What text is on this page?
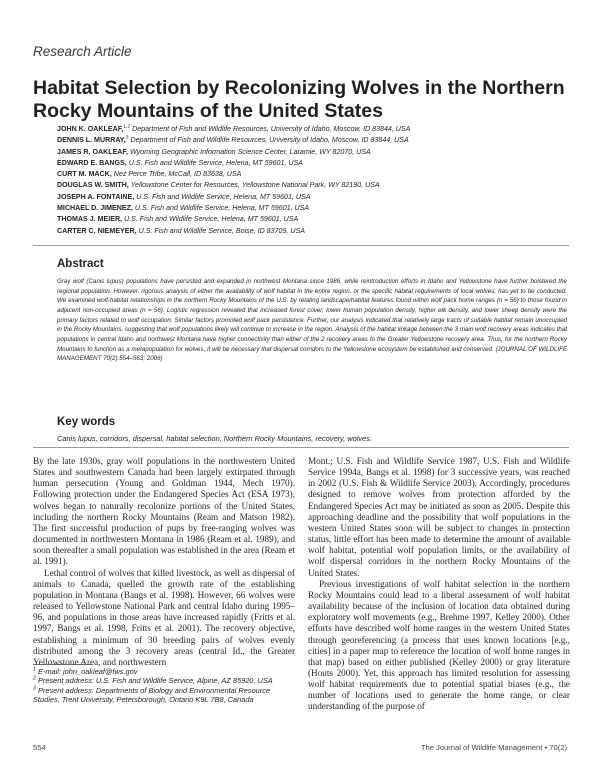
Research Article
Habitat Selection by Recolonizing Wolves in the Northern Rocky Mountains of the United States
JOHN K. OAKLEAF,$^{1,2}$ Department of Fish and Wildlife Resources, University of Idaho, Moscow, ID 83844, USA
DENNIS L. MURRAY,$^3$ Department of Fish and Wildlife Resources, University of Idaho, Moscow, ID 83844, USA
JAMES R. OAKLEAF, Wyoming Geographic Information Science Center, Laramie, WY 82070, USA
EDWARD E. BANGS, U.S. Fish and Wildlife Service, Helena, MT 59601, USA
CURT M. MACK, Nez Perce Tribe, McCall, ID 83638, USA
DOUGLAS W. SMITH, Yellowstone Center for Resources, Yellowstone National Park, WY 82190, USA
JOSEPH A. FONTAINE, U.S. Fish and Wildlife Service, Helena, MT 59601, USA
MICHAEL D. JIMENEZ, U.S. Fish and Wildlife Service, Helena, MT 59601, USA
THOMAS J. MEIER, U.S. Fish and Wildlife Service, Helena, MT 59601, USA
CARTER C. NIEMEYER, U.S. Fish and Wildlife Service, Boise, ID 83709, USA
Abstract
Gray wolf (Canis lupus) populations have persisted and expanded in northwest Montana since 1986, while reintroduction efforts in Idaho and Yellowstone have further bolstered the regional population. However, rigorous analysis of either the availability of wolf habitat in the entire region, or the specific habitat requirements of local wolves, has yet to be conducted. We examined wolf-habitat relationships in the northern Rocky Mountains of the U.S. by relating landscape/habitat features found within wolf pack home ranges (n = 56) to those found in adjacent non-occupied areas (n = 56). Logistic regression revealed that increased forest cover, lower human population density, higher elk density, and lower sheep density were the primary factors related to wolf occupation. Similar factors promoted wolf pack persistence. Further, our analysis indicated that relatively large tracts of suitable habitat remain unoccupied in the Rocky Mountains, suggesting that wolf populations likely will continue to increase in the region. Analysis of the habitat linkage between the 3 main wolf recovery areas indicates that populations in central Idaho and northwest Montana have higher connectivity than either of the 2 recovery areas to the Greater Yellowstone recovery area. Thus, for the northern Rocky Mountains to function as a metapopulation for wolves, it will be necessary that dispersal corridors to the Yellowstone ecosystem be established and conserved. (JOURNAL OF WILDLIFE MANAGEMENT 70(2):554–563; 2006)
Key words
Canis lupus, corridors, dispersal, habitat selection, Northern Rocky Mountains, recovery, wolves.

By the late 1930s, gray wolf populations in the northwestern United States and southwestern Canada had been largely extirpated through human persecution (Young and Goldman 1944, Mech 1970). Following protection under the Endangered Species Act (ESA 1973), wolves began to naturally recolonize portions of the United States, including the northern Rocky Mountains (Ream and Matson 1982). The first successful production of pups by free-ranging wolves was documented in northwestern Montana in 1986 (Ream et al. 1989), and soon thereafter a small population was established in the area (Ream et al. 1991).

Lethal control of wolves that killed livestock, as well as dispersal of animals to Canada, quelled the growth rate of the establishing population in Montana (Bangs et al. 1998). However, 66 wolves were released to Yellowstone National Park and central Idaho during 1995–96, and populations in those areas have increased rapidly (Fritts et al. 1997, Bangs et al. 1998, Fritts et al. 2001). The recovery objective, establishing a minimum of 30 breeding pairs of wolves evenly distributed among the 3 recovery areas (central Id., the Greater Yellowstone Area, and northwestern

Mont.; U.S. Fish and Wildlife Service 1987, U.S. Fish and Wildlife Service 1994a, Bangs et al. 1998) for 3 successive years, was reached in 2002 (U.S. Fish & Wildlife Service 2003). Accordingly, procedures designed to remove wolves from protection afforded by the Endangered Species Act may be initiated as soon as 2005. Despite this approaching deadline and the possibility that wolf populations in the western United States soon will be subject to changes in protection status, little effort has been made to determine the amount of available wolf habitat, potential wolf population limits, or the availability of wolf dispersal corridors in the northern Rocky Mountains of the United States.

Previous investigations of wolf habitat selection in the northern Rocky Mountains could lead to a liberal assessment of wolf habitat availability because of the inclusion of location data obtained during exploratory wolf movements (e.g., Brehme 1997, Kelley 2000). Other efforts have described wolf home ranges in the western United States through georeferencing (a process that uses known locations [e.g., cities] in a paper map to reference the location of wolf home ranges in that map) based on either published (Kelley 2000) or gray literature (Houts 2000). Yet, this approach has limited resolution for assessing wolf habitat requirements due to potential spatial biases (e.g., the number of locations used to generate the home range, or clear understanding of the purpose of

$^1$ E-mail: john_oakleaf@fws.gov
$^2$ Present address: U.S. Fish and Wildlife Service, Alpine, AZ 85920, USA
$^3$ Present address: Departments of Biology and Environmental Resource Studies, Trent University, Petersborough, Ontario K9L 7B8, Canada
554	The Journal of Wildlife Management • 70(2)
